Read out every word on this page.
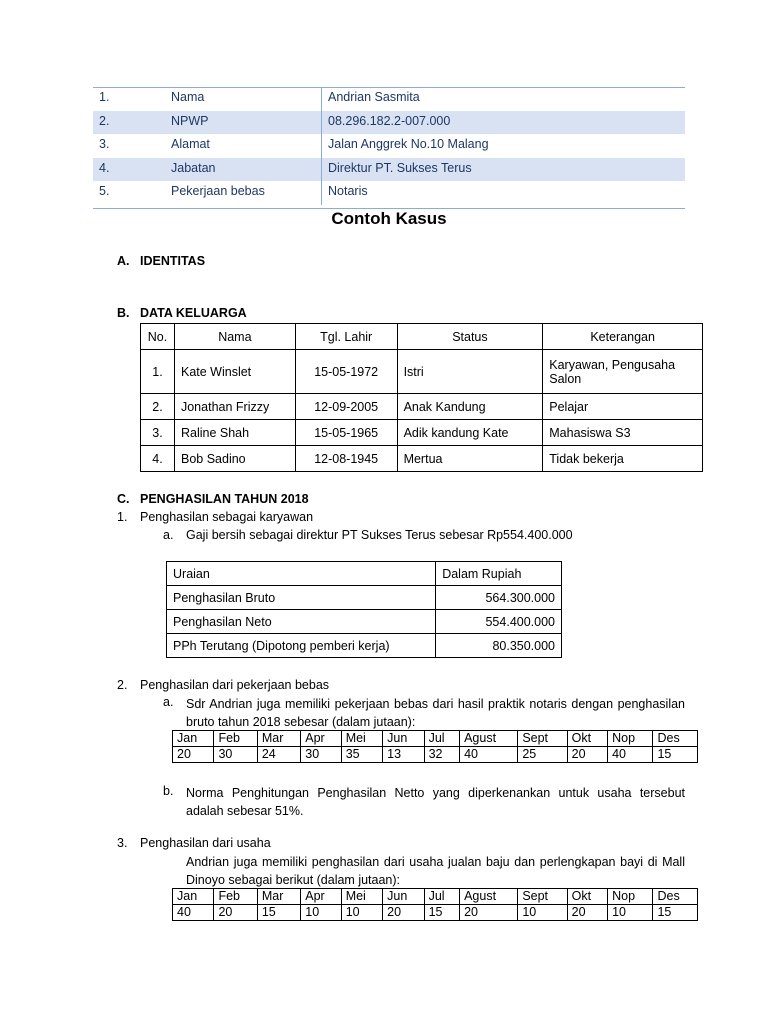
1.	Nama	Andrian Sasmita
2.	NPWP	08.296.182.2-007.000
3.	Alamat	Jalan Anggrek No.10 Malang
4.	Jabatan	Direktur PT. Sukses Terus
5.	Pekerjaan bebas	Notaris
Contoh Kasus
A. IDENTITAS
B. DATA KELUARGA
No.	Nama	Tgl. Lahir	Status	Keterangan
1.	Kate Winslet	15-05-1972	Istri	Karyawan, Pengusaha Salon
2.	Jonathan Frizzy	12-09-2005	Anak Kandung	Pelajar
3.	Raline Shah	15-05-1965	Adik kandung Kate	Mahasiswa S3
4.	Bob Sadino	12-08-1945	Mertua	Tidak bekerja
C. PENGHASILAN TAHUN 2018
1. Penghasilan sebagai karyawan
a. Gaji bersih sebagai direktur PT Sukses Terus sebesar Rp554.400.000
Uraian	Dalam Rupiah
Penghasilan Bruto	564.300.000
Penghasilan Neto	554.400.000
PPh Terutang (Dipotong pemberi kerja)	80.350.000
2. Penghasilan dari pekerjaan bebas
a. Sdr Andrian juga memiliki pekerjaan bebas dari hasil praktik notaris dengan penghasilan bruto tahun 2018 sebesar (dalam jutaan):
Jan	Feb	Mar	Apr	Mei	Jun	Jul	Agust	Sept	Okt	Nop	Des
20	30	24	30	35	13	32	40	25	20	40	15
b. Norma Penghitungan Penghasilan Netto yang diperkenankan untuk usaha tersebut adalah sebesar 51%.
3. Penghasilan dari usaha
Andrian juga memiliki penghasilan dari usaha jualan baju dan perlengkapan bayi di Mall Dinoyo sebagai berikut (dalam jutaan):
Jan	Feb	Mar	Apr	Mei	Jun	Jul	Agust	Sept	Okt	Nop	Des
40	20	15	10	10	20	15	20	10	20	10	15
